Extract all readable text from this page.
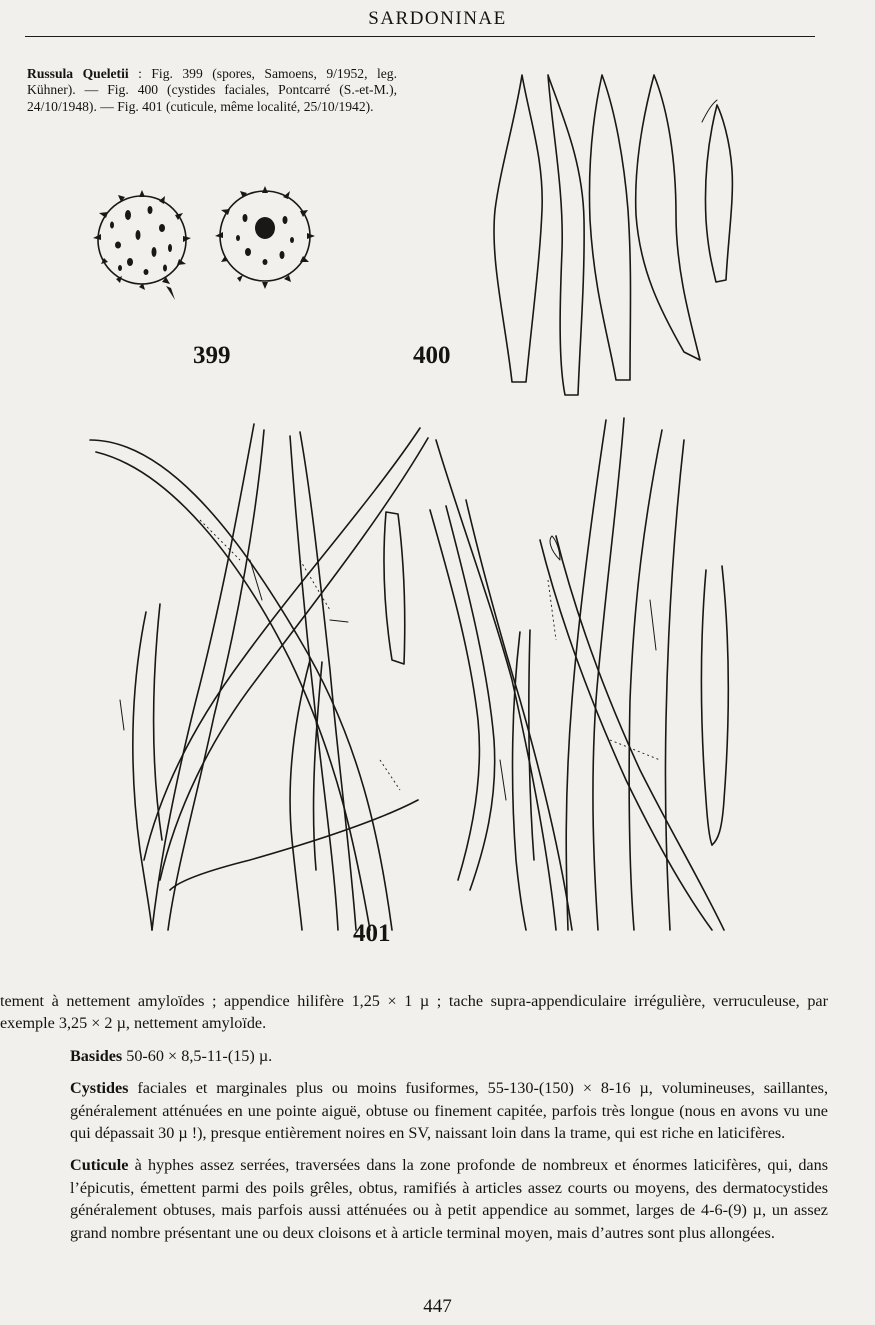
SARDONINAE
Russula Queletii : Fig. 399 (spores, Samoens, 9/1952, leg. Kühner). — Fig. 400 (cystides faciales, Pontcarré (S.-et-M.), 24/10/1948). — Fig. 401 (cuticule, même localité, 25/10/1942).
399	400
401

tement à nettement amyloïdes ; appendice hilifère 1,25 × 1 µ ; tache supra-appendiculaire irrégulière, verruculeuse, par exemple 3,25 × 2 µ, nettement amyloïde.

Basides 50-60 × 8,5-11-(15) µ.

Cystides faciales et marginales plus ou moins fusiformes, 55-130-(150) × 8-16 µ, volumineuses, saillantes, généralement atténuées en une pointe aiguë, obtuse ou finement capitée, parfois très longue (nous en avons vu une qui dépassait 30 µ !), presque entièrement noires en SV, naissant loin dans la trame, qui est riche en laticifères.

Cuticule à hyphes assez serrées, traversées dans la zone profonde de nombreux et énormes laticifères, qui, dans l’épicutis, émettent parmi des poils grêles, obtus, ramifiés à articles assez courts ou moyens, des dermatocystides généralement obtuses, mais parfois aussi atténuées ou à petit appendice au sommet, larges de 4-6-(9) µ, un assez grand nombre présentant une ou deux cloisons et à article terminal moyen, mais d’autres sont plus allongées.

447
